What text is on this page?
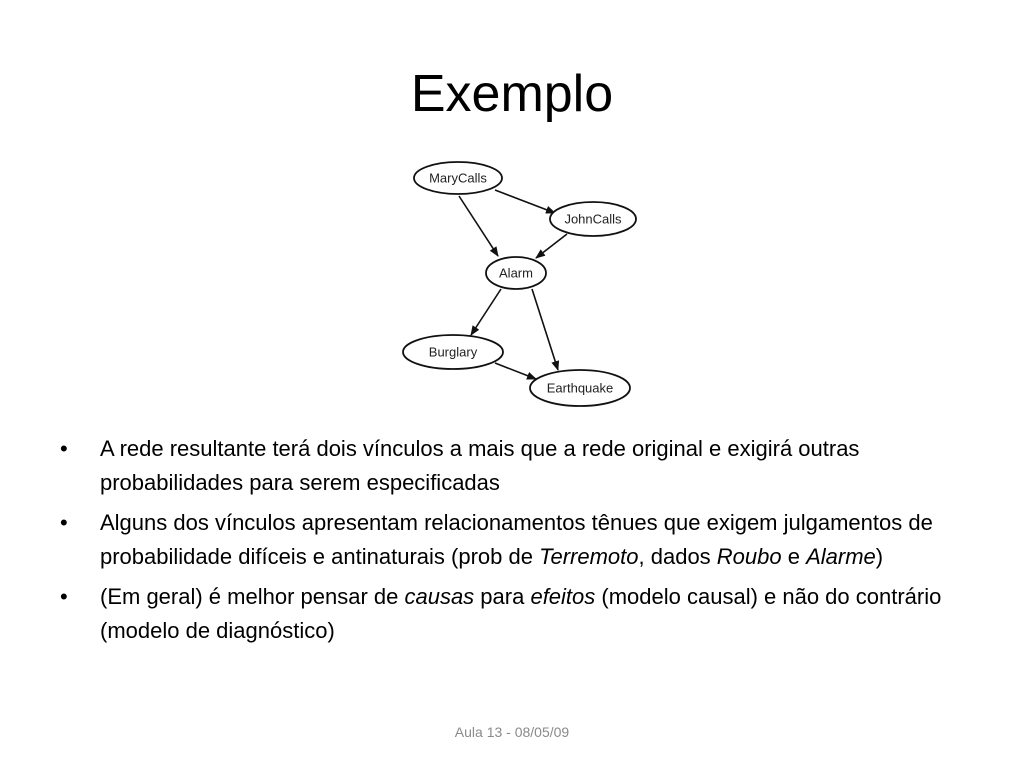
Exemplo
MaryCalls
JohnCalls
Alarm
Burglary
Earthquake
•	A rede resultante terá dois vínculos a mais que a rede original e exigirá outras probabilidades para serem especificadas
•	Alguns dos vínculos apresentam relacionamentos tênues que exigem julgamentos de probabilidade difíceis e antinaturais (prob de Terremoto, dados Roubo e Alarme)
•	(Em geral) é melhor pensar de causas para efeitos (modelo causal) e não do contrário (modelo de diagnóstico)
Aula 13 - 08/05/09
